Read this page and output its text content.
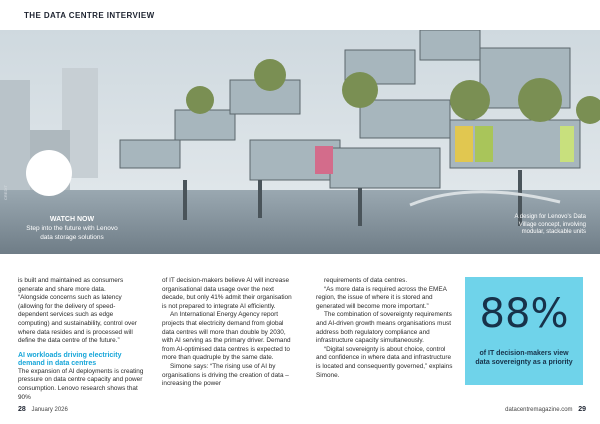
THE DATA CENTRE INTERVIEW
CREDIT
WATCH NOW
Step into the future with Lenovo data storage solutions
A design for Lenovo's Data Village concept, involving modular, stackable units

is built and maintained as consumers generate and share more data.

“Alongside concerns such as latency (allowing for the delivery of speed-dependent services such as edge computing) and sustainability, control over where data resides and is processed will define the data centre of the future.”

AI workloads driving electricity demand in data centres

The expansion of AI deployments is creating pressure on data centre capacity and power consumption. Lenovo research shows that 90%

of IT decision-makers believe AI will increase organisational data usage over the next decade, but only 41% admit their organisation is not prepared to integrate AI efficiently.

An International Energy Agency report projects that electricity demand from global data centres will more than double by 2030, with AI serving as the primary driver. Demand from AI-optimised data centres is expected to more than quadruple by the same date.

Simone says: “The rising use of AI by organisations is driving the creation of data – increasing the power

requirements of data centres.

“As more data is required across the EMEA region, the issue of where it is stored and generated will become more important.”

The combination of sovereignty requirements and AI-driven growth means organisations must address both regulatory compliance and infrastructure capacity simultaneously.

“Digital sovereignty is about choice, control and confidence in where data and infrastructure is located and consequently governed,” explains Simone.

88%
of IT decision-makers view data sovereignty as a priority
28 January 2026	datacentremagazine.com 29
